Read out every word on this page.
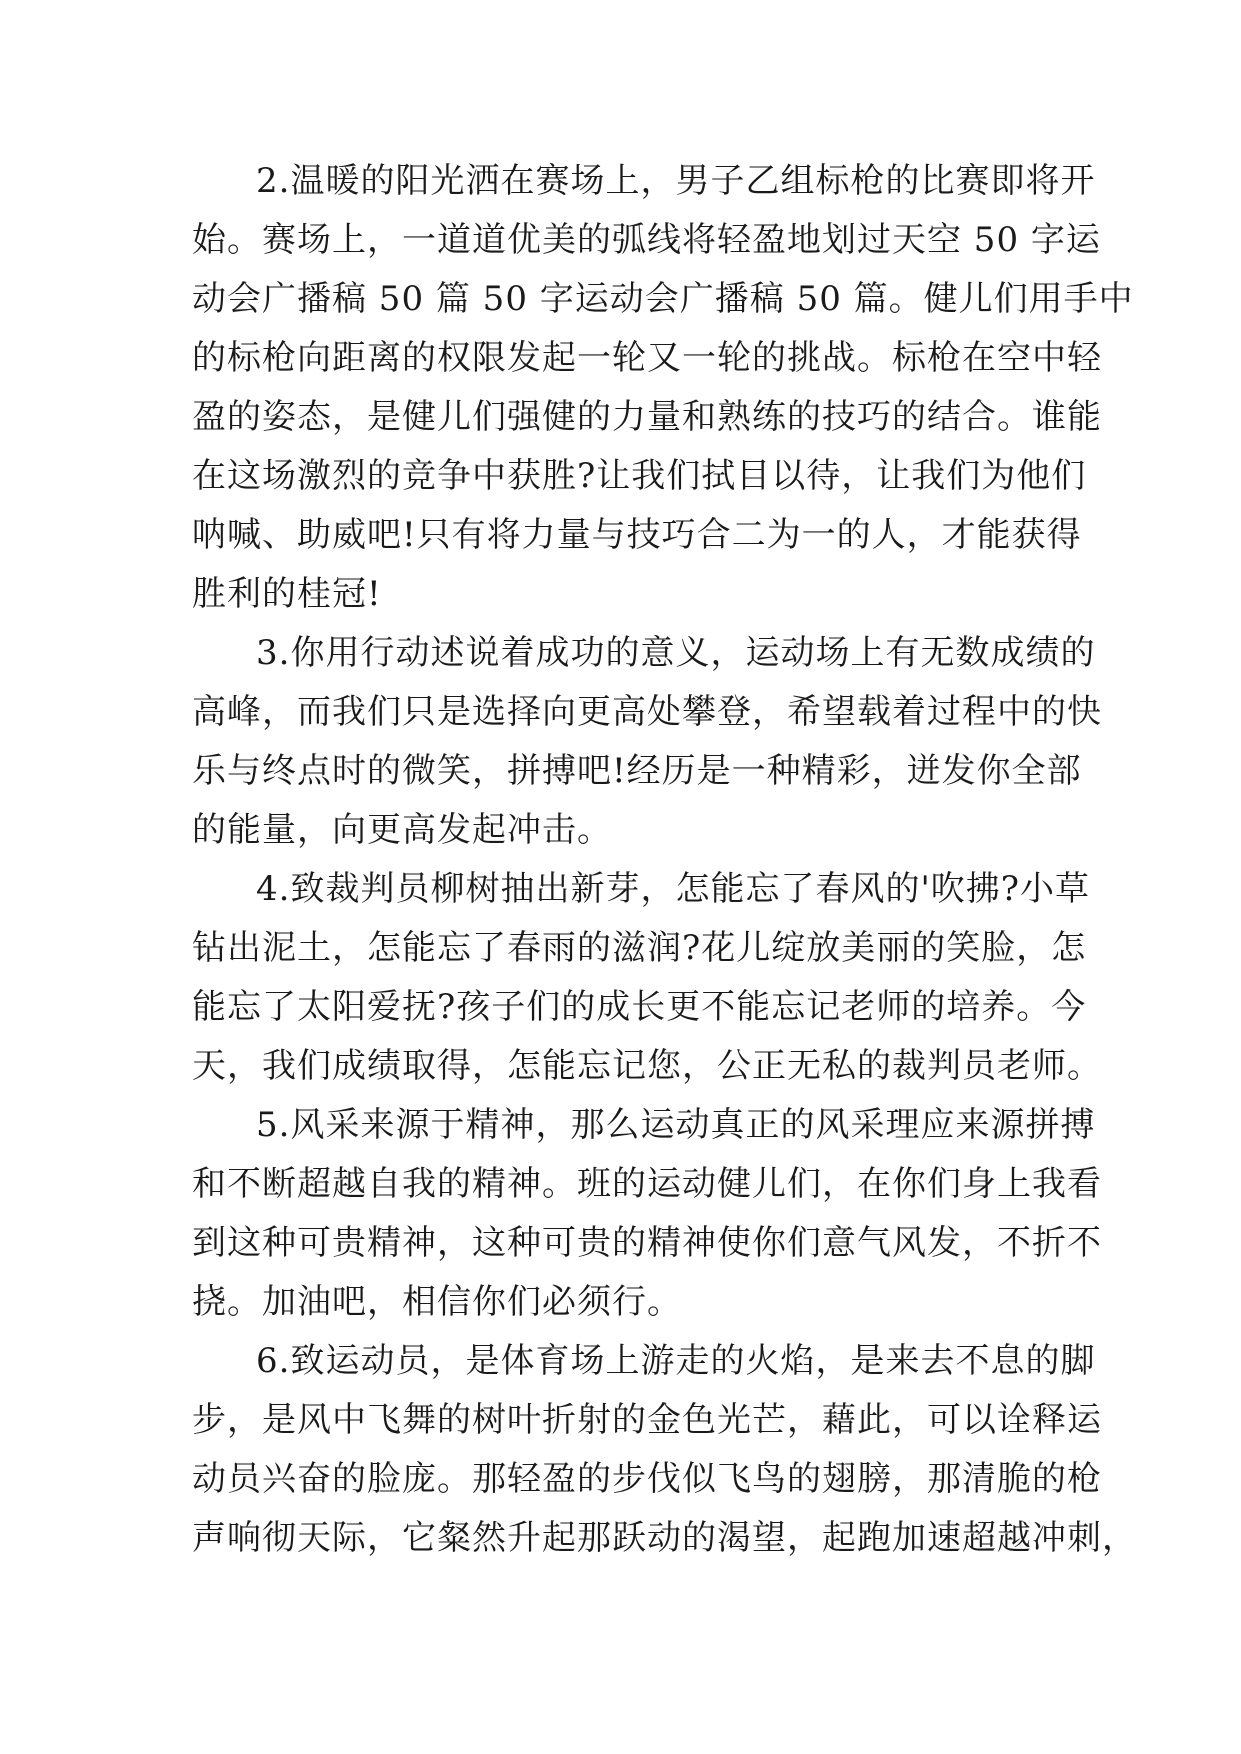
2.温暖的阳光洒在赛场上，男子乙组标枪的比赛即将开
始。赛场上，一道道优美的弧线将轻盈地划过天空 50 字运
动会广播稿 50 篇 50 字运动会广播稿 50 篇。健儿们用手中
的标枪向距离的权限发起一轮又一轮的挑战。标枪在空中轻
盈的姿态，是健儿们强健的力量和熟练的技巧的结合。谁能
在这场激烈的竞争中获胜?让我们拭目以待，让我们为他们
呐喊、助威吧!只有将力量与技巧合二为一的人，才能获得
胜利的桂冠!
3.你用行动述说着成功的意义，运动场上有无数成绩的
高峰，而我们只是选择向更高处攀登，希望载着过程中的快
乐与终点时的微笑，拼搏吧!经历是一种精彩，迸发你全部
的能量，向更高发起冲击。
4.致裁判员柳树抽出新芽，怎能忘了春风的'吹拂?小草
钻出泥土，怎能忘了春雨的滋润?花儿绽放美丽的笑脸，怎
能忘了太阳爱抚?孩子们的成长更不能忘记老师的培养。今
天，我们成绩取得，怎能忘记您，公正无私的裁判员老师。
5.风采来源于精神，那么运动真正的风采理应来源拼搏
和不断超越自我的精神。班的运动健儿们，在你们身上我看
到这种可贵精神，这种可贵的精神使你们意气风发，不折不
挠。加油吧，相信你们必须行。
6.致运动员，是体育场上游走的火焰，是来去不息的脚
步，是风中飞舞的树叶折射的金色光芒，藉此，可以诠释运
动员兴奋的脸庞。那轻盈的步伐似飞鸟的翅膀，那清脆的枪
声响彻天际，它粲然升起那跃动的渴望，起跑加速超越冲刺，
